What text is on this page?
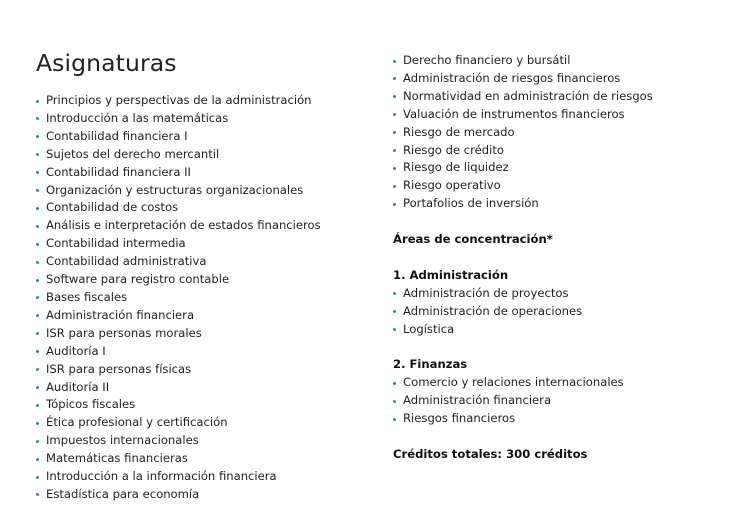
Asignaturas
Principios y perspectivas de la administración
Introducción a las matemáticas
Contabilidad financiera I
Sujetos del derecho mercantil
Contabilidad financiera II
Organización y estructuras organizacionales
Contabilidad de costos
Análisis e interpretación de estados financieros
Contabilidad intermedia
Contabilidad administrativa
Software para registro contable
Bases fiscales
Administración financiera
ISR para personas morales
Auditoría I
ISR para personas físicas
Auditoría II
Tópicos fiscales
Ética profesional y certificación
Impuestos internacionales
Matemáticas financieras
Introducción a la información financiera
Estadística para economía
Derecho financiero y bursátil
Administración de riesgos financieros
Normatividad en administración de riesgos
Valuación de instrumentos financieros
Riesgo de mercado
Riesgo de crédito
Riesgo de liquidez
Riesgo operativo
Portafolios de inversión
Áreas de concentración*
1. Administración
Administración de proyectos
Administración de operaciones
Logística
2. Finanzas
Comercio y relaciones internacionales
Administración financiera
Riesgos financieros
Créditos totales: 300 créditos
